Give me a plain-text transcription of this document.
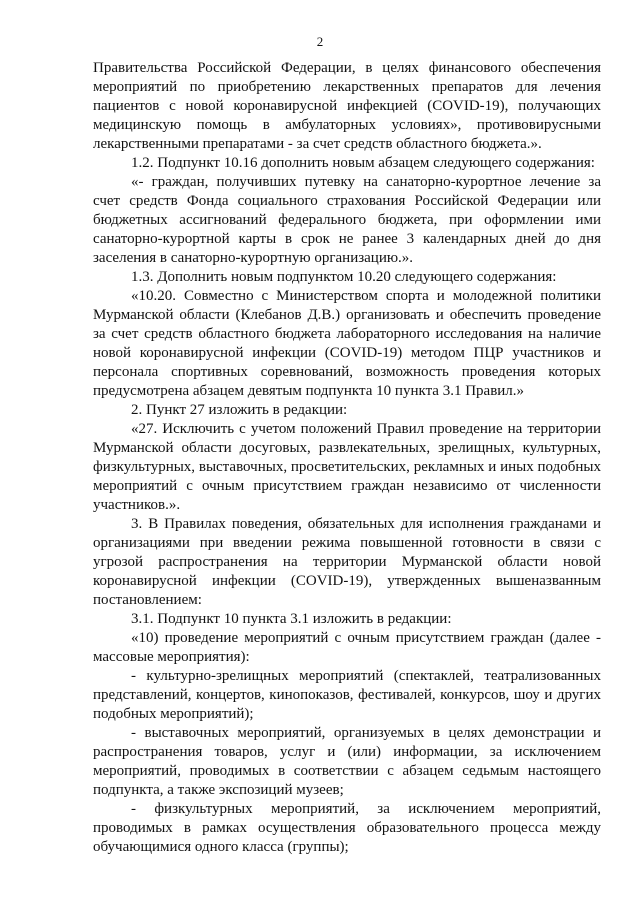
2

Правительства Российской Федерации, в целях финансового обеспечения мероприятий по приобретению лекарственных препаратов для лечения пациентов с новой коронавирусной инфекцией (COVID-19), получающих медицинскую помощь в амбулаторных условиях», противовирусными лекарственными препаратами - за счет средств областного бюджета.».

1.2. Подпункт 10.16 дополнить новым абзацем следующего содержания:

«- граждан, получивших путевку на санаторно-курортное лечение за счет средств Фонда социального страхования Российской Федерации или бюджетных ассигнований федерального бюджета, при оформлении ими санаторно-курортной карты в срок не ранее 3 календарных дней до дня заселения в санаторно-курортную организацию.».

1.3. Дополнить новым подпунктом 10.20 следующего содержания:

«10.20. Совместно с Министерством спорта и молодежной политики Мурманской области (Клебанов Д.В.) организовать и обеспечить проведение за счет средств областного бюджета лабораторного исследования на наличие новой коронавирусной инфекции (COVID-19) методом ПЦР участников и персонала спортивных соревнований, возможность проведения которых предусмотрена абзацем девятым подпункта 10 пункта 3.1 Правил.»

2. Пункт 27 изложить в редакции:

«27. Исключить с учетом положений Правил проведение на территории Мурманской области досуговых, развлекательных, зрелищных, культурных, физкультурных, выставочных, просветительских, рекламных и иных подобных мероприятий с очным присутствием граждан независимо от численности участников.».

3. В Правилах поведения, обязательных для исполнения гражданами и организациями при введении режима повышенной готовности в связи с угрозой распространения на территории Мурманской области новой коронавирусной инфекции (COVID-19), утвержденных вышеназванным постановлением:

3.1. Подпункт 10 пункта 3.1 изложить в редакции:

«10) проведение мероприятий с очным присутствием граждан (далее - массовые мероприятия):

- культурно-зрелищных мероприятий (спектаклей, театрализованных представлений, концертов, кинопоказов, фестивалей, конкурсов, шоу и других подобных мероприятий);

- выставочных мероприятий, организуемых в целях демонстрации и распространения товаров, услуг и (или) информации, за исключением мероприятий, проводимых в соответствии с абзацем седьмым настоящего подпункта, а также экспозиций музеев;

- физкультурных мероприятий, за исключением мероприятий, проводимых в рамках осуществления образовательного процесса между обучающимися одного класса (группы);
